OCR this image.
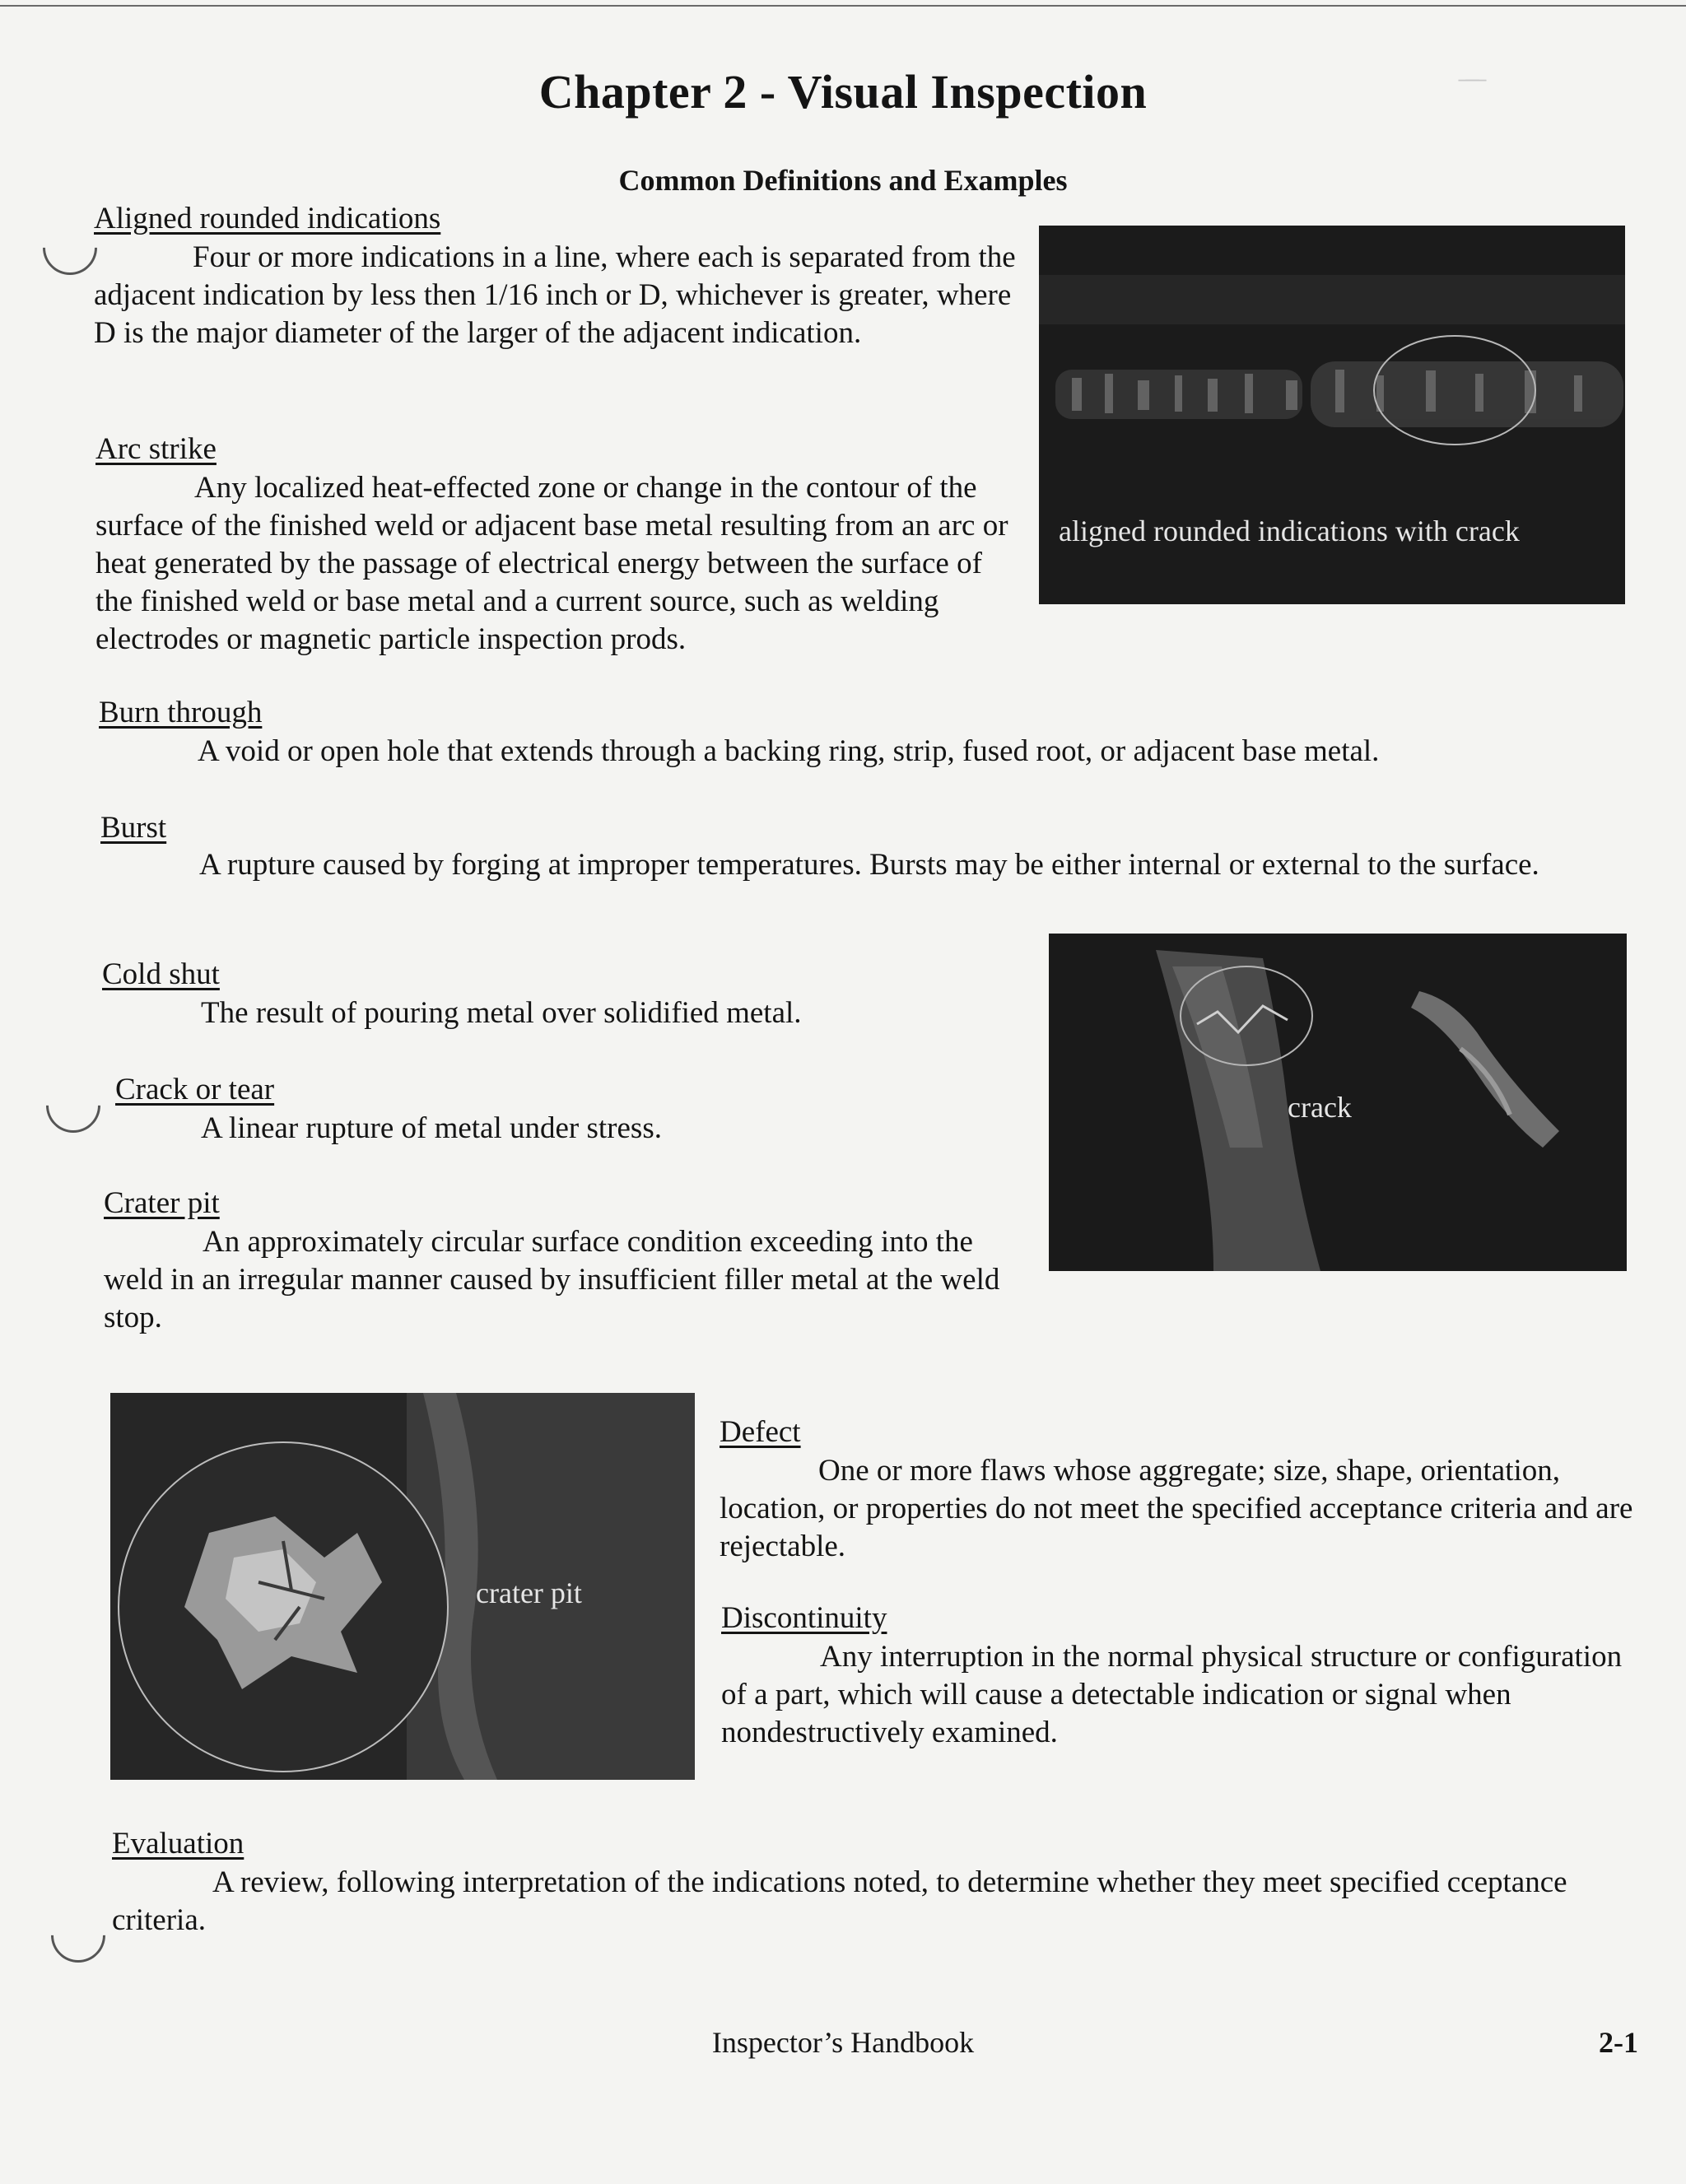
̶ ̶ ̶
Chapter 2 - Visual Inspection
Common Definitions and Examples
Aligned rounded indications
Four or more indications in a line, where each is separated from the adjacent indication by less then 1/16 inch or D, whichever is greater, where D is the major diameter of the larger of the adjacent indication.
aligned rounded indications with crack
Arc strike
Any localized heat-effected zone or change in the contour of the surface of the finished weld or adjacent base metal resulting from an arc or heat generated by the passage of electrical energy between the surface of the finished weld or base metal and a current source, such as welding electrodes or magnetic particle inspection prods.
Burn through
A void or open hole that extends through a backing ring, strip, fused root, or adjacent base metal.
Burst
A rupture caused by forging at improper temperatures. Bursts may be either internal or external to the surface.
crack
Cold shut
The result of pouring metal over solidified metal.
Crack or tear
A linear rupture of metal under stress.
Crater pit
An approximately circular surface condition exceeding into the weld in an irregular manner caused by insufficient filler metal at the weld stop.
crater pit
Defect
One or more flaws whose aggregate; size, shape, orientation, location, or properties do not meet the specified acceptance criteria and are rejectable.
Discontinuity
Any interruption in the normal physical structure or configuration of a part, which will cause a detectable indication or signal when nondestructively examined.
Evaluation
A review, following interpretation of the indications noted, to determine whether they meet specified cceptance criteria.
Inspector’s Handbook	2-1
